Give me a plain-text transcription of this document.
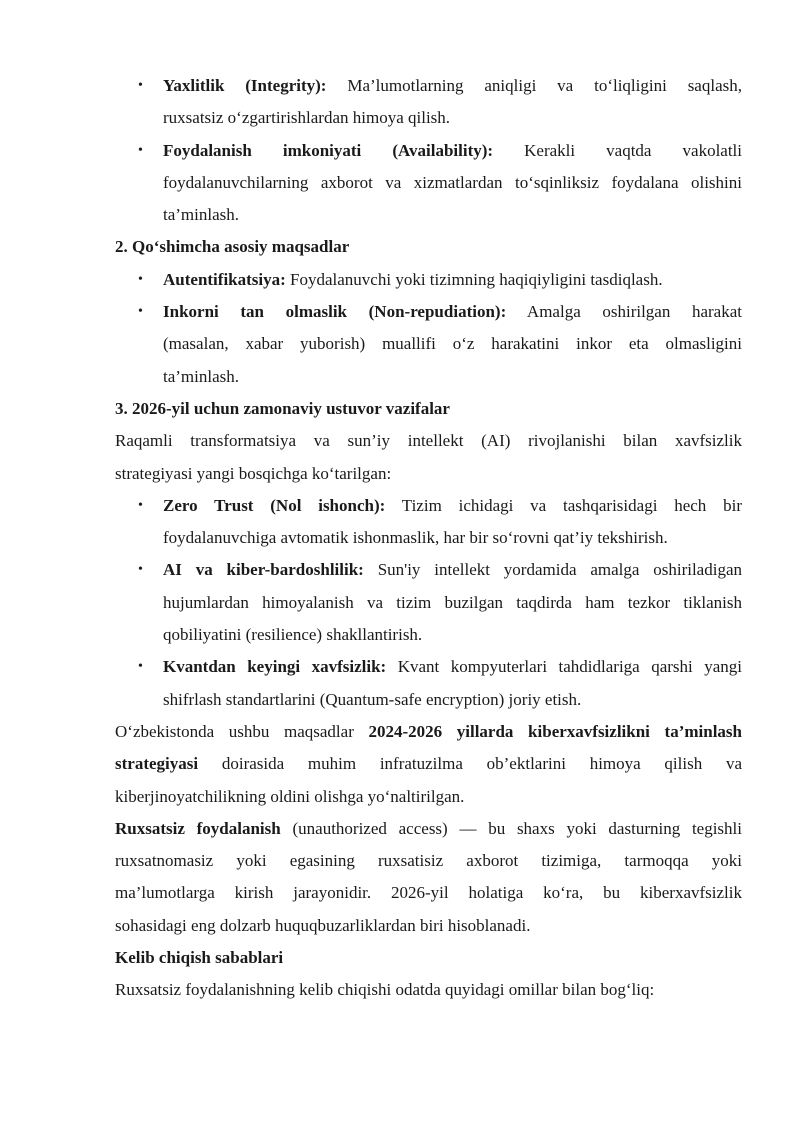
• Yaxlitlik (Integrity): Ma’lumotlarning aniqligi va to‘liqligini saqlash,
ruxsatsiz o‘zgartirishlardan himoya qilish.
• Foydalanish imkoniyati (Availability): Kerakli vaqtda vakolatli
foydalanuvchilarning axborot va xizmatlardan to‘sqinliksiz foydalana olishini
ta’minlash.
2. Qo‘shimcha asosiy maqsadlar
• Autentifikatsiya: Foydalanuvchi yoki tizimning haqiqiyligini tasdiqlash.
• Inkorni tan olmaslik (Non-repudiation): Amalga oshirilgan harakat
(masalan, xabar yuborish) muallifi o‘z harakatini inkor eta olmasligini
ta’minlash.
3. 2026-yil uchun zamonaviy ustuvor vazifalar
Raqamli transformatsiya va sun’iy intellekt (AI) rivojlanishi bilan xavfsizlik
strategiyasi yangi bosqichga ko‘tarilgan:
• Zero Trust (Nol ishonch): Tizim ichidagi va tashqarisidagi hech bir
foydalanuvchiga avtomatik ishonmaslik, har bir so‘rovni qat’iy tekshirish.
• AI va kiber-bardoshlilik: Sun'iy intellekt yordamida amalga oshiriladigan
hujumlardan himoyalanish va tizim buzilgan taqdirda ham tezkor tiklanish
qobiliyatini (resilience) shakllantirish.
• Kvantdan keyingi xavfsizlik: Kvant kompyuterlari tahdidlariga qarshi yangi
shifrlash standartlarini (Quantum-safe encryption) joriy etish.
O‘zbekistonda ushbu maqsadlar 2024-2026 yillarda kiberxavfsizlikni ta’minlash
strategiyasi doirasida muhim infratuzilma ob’ektlarini himoya qilish va
kiberjinoyatchilikning oldini olishga yo‘naltirilgan.
Ruxsatsiz foydalanish (unauthorized access) — bu shaxs yoki dasturning tegishli
ruxsatnomasiz yoki egasining ruxsatisiz axborot tizimiga, tarmoqqa yoki
ma’lumotlarga kirish jarayonidir. 2026-yil holatiga ko‘ra, bu kiberxavfsizlik
sohasidagi eng dolzarb huquqbuzarliklardan biri hisoblanadi.
Kelib chiqish sabablari
Ruxsatsiz foydalanishning kelib chiqishi odatda quyidagi omillar bilan bog‘liq:
